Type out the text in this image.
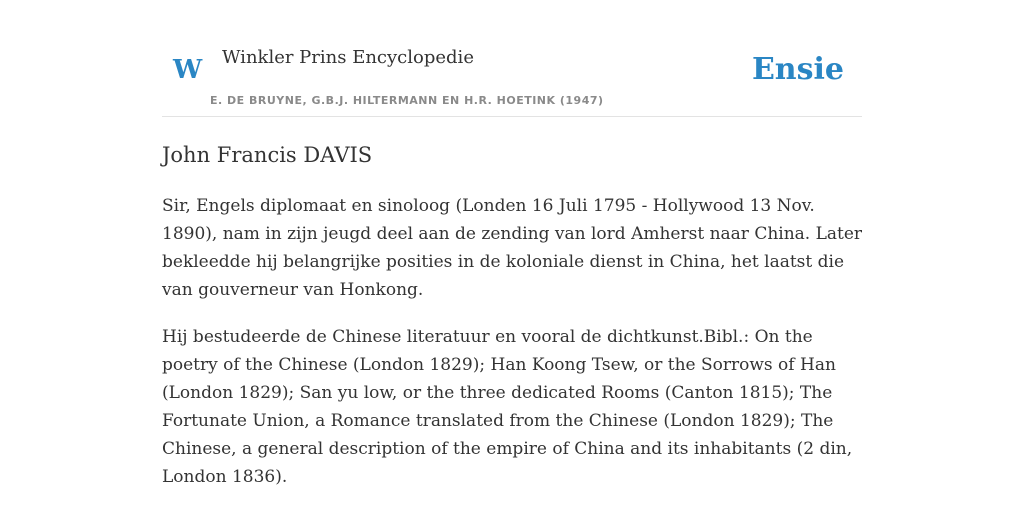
W Winkler Prins Encyclopedie
E. DE BRUYNE, G.B.J. HILTERMANN EN H.R. HOETINK (1947)
Ensie
John Francis DAVIS

Sir, Engels diplomaat en sinoloog (Londen 16 Juli 1795 - Hollywood 13 Nov. 1890), nam in zijn jeugd deel aan de zending van lord Amherst naar China. Later bekleedde hij belangrijke posities in de koloniale dienst in China, het laatst die van gouverneur van Honkong.

Hij bestudeerde de Chinese literatuur en vooral de dichtkunst.Bibl.: On the poetry of the Chinese (London 1829); Han Koong Tsew, or the Sorrows of Han (London 1829); San yu low, or the three dedicated Rooms (Canton 1815); The Fortunate Union, a Romance translated from the Chinese (London 1829); The Chinese, a general description of the empire of China and its inhabitants (2 din, London 1836).
